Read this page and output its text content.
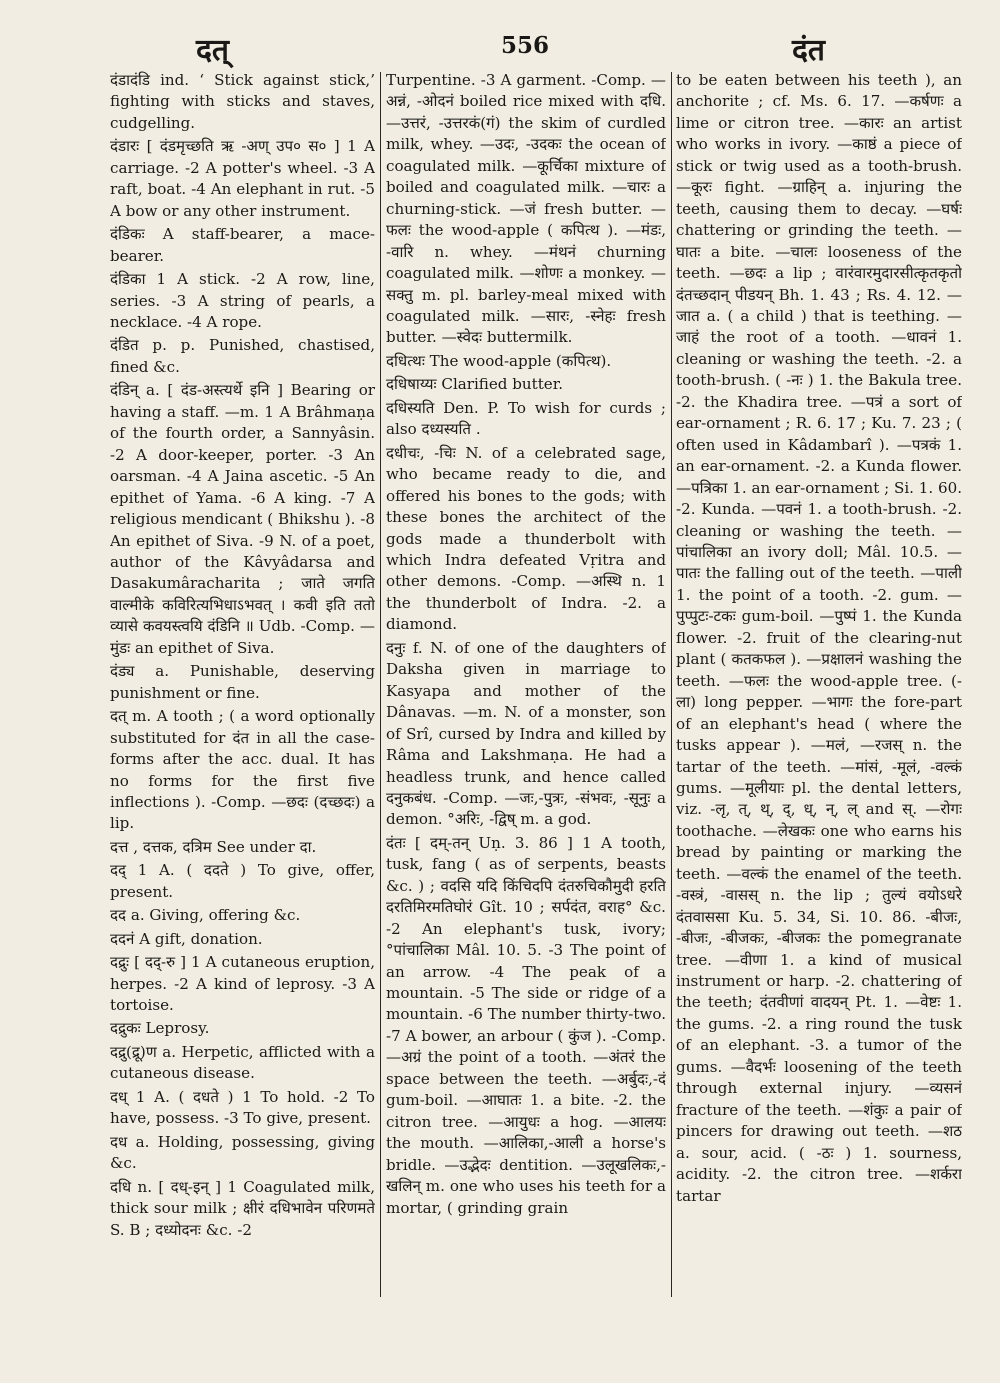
दत्	556	दंत

दंडादंडि ind. ‘ Stick against stick,’ fighting with sticks and staves, cudgelling.

दंडारः [ दंडमृच्छति ऋ -अण् उप० स० ] 1 A carriage. -2 A potter's wheel. -3 A raft, boat. -4 An elephant in rut. -5 A bow or any other instrument.

दंडिकः A staff-bearer, a mace-bearer.

दंडिका 1 A stick. -2 A row, line, series. -3 A string of pearls, a necklace. -4 A rope.

दंडित p. p. Punished, chastised, fined &c.

दंडिन् a. [ दंड-अस्त्यर्थे इनि ] Bearing or having a staff. —m. 1 A Brâhmaṇa of the fourth order, a Sannyâsin. -2 A door-keeper, porter. -3 An oarsman. -4 A Jaina ascetic. -5 An epithet of Yama. -6 A king. -7 A religious mendicant ( Bhikshu ). -8 An epithet of Siva. -9 N. of a poet, author of the Kâvyâdarsa and Dasakumâracharita ; जाते जगति वाल्मीके कविरित्यभिधाऽभवत् । कवी इति ततो व्यासे कवयस्त्वयि दंडिनि ॥ Udb. -Comp. —मुंडः an epithet of Siva.

दंड्य a. Punishable, deserving punishment or fine.

दत् m. A tooth ; ( a word optionally substituted for दंत in all the case-forms after the acc. dual. It has no forms for the first five inflections ). -Comp. —छदः (दच्छदः) a lip.

दत्त , दत्तक, दत्रिम See under दा.

दद् 1 A. ( ददते ) To give, offer, present.

दद a. Giving, offering &c.

ददनं A gift, donation.

दद्रुः [ दद्-रु ] 1 A cutaneous eruption, herpes. -2 A kind of leprosy. -3 A tortoise.

दद्रुकः Leprosy.

दद्रु(द्रू)ण a. Herpetic, afflicted with a cutaneous disease.

दध् 1 A. ( दधते ) 1 To hold. -2 To have, possess. -3 To give, present.

दध a. Holding, possessing, giving &c.

दधि n. [ दध्-इन् ] 1 Coagulated milk, thick sour milk ; क्षीरं दधिभावेन परिणमते S. B ; दध्योदनः &c. -2

Turpentine. -3 A garment. -Comp. —अन्नं, -ओदनं boiled rice mixed with दधि. —उत्तरं, -उत्तरकं(गं) the skim of curdled milk, whey. —उदः, -उदकः the ocean of coagulated milk. —कूर्चिका mixture of boiled and coagulated milk. —चारः a churning-stick. —जं fresh butter. —फलः the wood-apple ( कपित्थ ). —मंडः, -वारि n. whey. —मंथनं churning coagulated milk. —शोणः a monkey. —सक्तु m. pl. barley-meal mixed with coagulated milk. —सारः, -स्नेहः fresh butter. —स्वेदः buttermilk.

दधित्थः The wood-apple (कपित्थ).

दधिषाय्यः Clarified butter.

दधिस्यति Den. P. To wish for curds ; also दध्यस्यति .

दधीचः, -चिः N. of a celebrated sage, who became ready to die, and offered his bones to the gods; with these bones the architect of the gods made a thunderbolt with which Indra defeated Vṛitra and other demons. -Comp. —अस्थि n. 1 the thunderbolt of Indra. -2. a diamond.

दनुः f. N. of one of the daughters of Daksha given in marriage to Kasyapa and mother of the Dânavas. —m. N. of a monster, son of Srî, cursed by Indra and killed by Râma and Lakshmaṇa. He had a headless trunk, and hence called दनुकबंध. -Comp. —जः,-पुत्रः, -संभवः, -सूनुः a demon. °अरिः, -द्विष् m. a god.

दंतः [ दम्-तन् Uṇ. 3. 86 ] 1 A tooth, tusk, fang ( as of serpents, beasts &c. ) ; वदसि यदि किंचिदपि दंतरुचिकौमुदी हरति दरतिमिरमतिघोरं Gît. 10 ; सर्पदंत, वराह° &c. -2 An elephant's tusk, ivory; °पांचालिका Mâl. 10. 5. -3 The point of an arrow. -4 The peak of a mountain. -5 The side or ridge of a mountain. -6 The number thirty-two. -7 A bower, an arbour ( कुंज ). -Comp. —अग्रं the point of a tooth. —अंतरं the space between the teeth. —अर्बुदः,-दं gum-boil. —आघातः 1. a bite. -2. the citron tree. —आयुधः a hog. —आलयः the mouth. —आलिका,-आली a horse's bridle. —उद्भेदः dentition. —उलूखलिकः,-खलिन् m. one who uses his teeth for a mortar, ( grinding grain

to be eaten between his teeth ), an anchorite ; cf. Ms. 6. 17. —कर्षणः a lime or citron tree. —कारः an artist who works in ivory. —काष्ठं a piece of stick or twig used as a tooth-brush. —कूरः fight. —ग्राहिन् a. injuring the teeth, causing them to decay. —घर्षः chattering or grinding the teeth. —घातः a bite. —चालः looseness of the teeth. —छदः a lip ; वारंवारमुदारसीत्कृतकृतो दंतच्छदान् पीडयन् Bh. 1. 43 ; Rs. 4. 12. —जात a. ( a child ) that is teething. —जाहं the root of a tooth. —धावनं 1. cleaning or washing the teeth. -2. a tooth-brush. ( -नः ) 1. the Bakula tree. -2. the Khadira tree. —पत्रं a sort of ear-ornament ; R. 6. 17 ; Ku. 7. 23 ; ( often used in Kâdambarî ). —पत्रकं 1. an ear-ornament. -2. a Kunda flower. —पत्रिका 1. an ear-ornament ; Si. 1. 60. -2. Kunda. —पवनं 1. a tooth-brush. -2. cleaning or washing the teeth. —पांचालिका an ivory doll; Mâl. 10.5. —पातः the falling out of the teeth. —पाली 1. the point of a tooth. -2. gum. —पुप्पुटः-टकः gum-boil. —पुष्पं 1. the Kunda flower. -2. fruit of the clearing-nut plant ( कतकफल ). —प्रक्षालनं washing the teeth. —फलः the wood-apple tree. (-ला) long pepper. —भागः the fore-part of an elephant's head ( where the tusks appear ). —मलं, —रजस् n. the tartar of the teeth. —मांसं, -मूलं, -वल्कं gums. —मूलीयाः pl. the dental letters, viz. -लृ, त्, थ्, द्, ध्, न्, ल् and स्. —रोगः toothache. —लेखकः one who earns his bread by painting or marking the teeth. —वल्कं the enamel of the teeth. -वस्त्रं, -वासस् n. the lip ; तुल्यं वयाेऽधरे दंतवाससा Ku. 5. 34, Si. 10. 86. -बीजः, -बीजः, -बीजकः, -बीजकः the pomegranate tree. —वीणा 1. a kind of musical instrument or harp. -2. chattering of the teeth; दंतवीणां वादयन् Pt. 1. —वेष्टः 1. the gums. -2. a ring round the tusk of an elephant. -3. a tumor of the gums. —वैदर्भः loosening of the teeth through external injury. —व्यसनं fracture of the teeth. —शंकुः a pair of pincers for drawing out teeth. —शठ a. sour, acid. ( -ठः ) 1. sourness, acidity. -2. the citron tree. —शर्करा tartar
